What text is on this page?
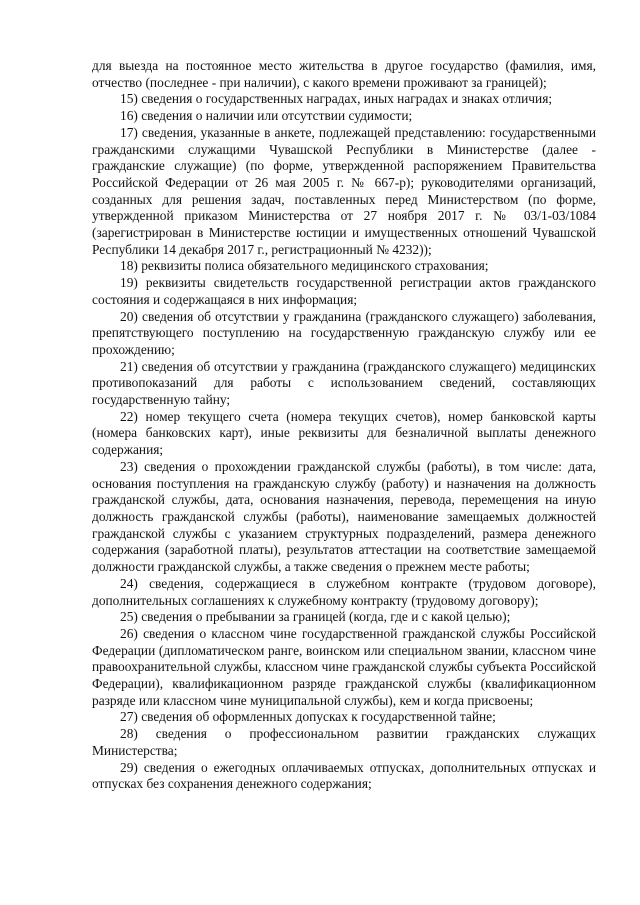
для выезда на постоянное место жительства в другое государство (фамилия, имя, отчество (последнее - при наличии), с какого времени проживают за границей);

15) сведения о государственных наградах, иных наградах и знаках отличия;

16) сведения о наличии или отсутствии судимости;

17) сведения, указанные в анкете, подлежащей представлению: государственными гражданскими служащими Чувашской Республики в Министерстве (далее - гражданские служащие) (по форме, утвержденной распоряжением Правительства Российской Федерации от 26 мая 2005 г. № 667-р); руководителями организаций, созданных для решения задач, поставленных перед Министерством (по форме, утвержденной приказом Министерства от 27 ноября 2017 г. № 03/1-03/1084 (зарегистрирован в Министерстве юстиции и имущественных отношений Чувашской Республики 14 декабря 2017 г., регистрационный № 4232));

18) реквизиты полиса обязательного медицинского страхования;

19) реквизиты свидетельств государственной регистрации актов гражданского состояния и содержащаяся в них информация;

20) сведения об отсутствии у гражданина (гражданского служащего) заболевания, препятствующего поступлению на государственную гражданскую службу или ее прохождению;

21) сведения об отсутствии у гражданина (гражданского служащего) медицинских противопоказаний для работы с использованием сведений, составляющих государственную тайну;

22) номер текущего счета (номера текущих счетов), номер банковской карты (номера банковских карт), иные реквизиты для безналичной выплаты денежного содержания;

23) сведения о прохождении гражданской службы (работы), в том числе: дата, основания поступления на гражданскую службу (работу) и назначения на должность гражданской службы, дата, основания назначения, перевода, перемещения на иную должность гражданской службы (работы), наименование замещаемых должностей гражданской службы с указанием структурных подразделений, размера денежного содержания (заработной платы), результатов аттестации на соответствие замещаемой должности гражданской службы, а также сведения о прежнем месте работы;

24) сведения, содержащиеся в служебном контракте (трудовом договоре), дополнительных соглашениях к служебному контракту (трудовому договору);

25) сведения о пребывании за границей (когда, где и с какой целью);

26) сведения о классном чине государственной гражданской службы Российской Федерации (дипломатическом ранге, воинском или специальном звании, классном чине правоохранительной службы, классном чине гражданской службы субъекта Российской Федерации), квалификационном разряде гражданской службы (квалификационном разряде или классном чине муниципальной службы), кем и когда присвоены;

27) сведения об оформленных допусках к государственной тайне;

28) сведения о профессиональном развитии гражданских служащих Министерства;

29) сведения о ежегодных оплачиваемых отпусках, дополнительных отпусках и отпусках без сохранения денежного содержания;
